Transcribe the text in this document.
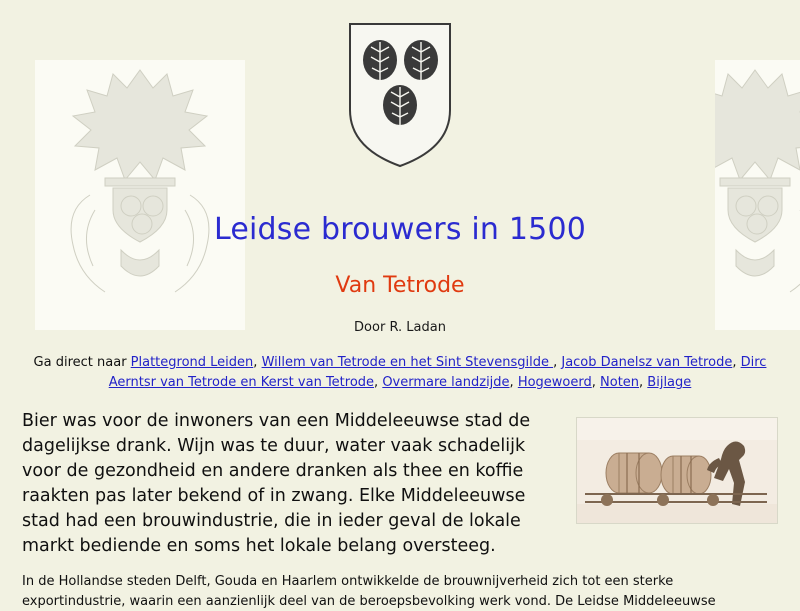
Leidse brouwers in 1500
Van Tetrode

Door R. Ladan

Ga direct naar Plattegrond Leiden, Willem van Tetrode en het Sint Stevensgilde , Jacob Danelsz van Tetrode, Dirc Aerntsr van Tetrode en Kerst van Tetrode, Overmare landzijde, Hogewoerd, Noten, Bijlage

Bier was voor de inwoners van een Middeleeuwse stad de dagelijkse drank. Wijn was te duur, water vaak schadelijk voor de gezondheid en andere dranken als thee en koffie raakten pas later bekend of in zwang. Elke Middeleeuwse stad had een brouwindustrie, die in ieder geval de lokale markt bediende en soms het lokale belang oversteeg.

In de Hollandse steden Delft, Gouda en Haarlem ontwikkelde de brouwnijverheid zich tot een sterke exportindustrie, waarin een aanzienlijk deel van de beroepsbevolking werk vond. De Leidse Middeleeuwse
